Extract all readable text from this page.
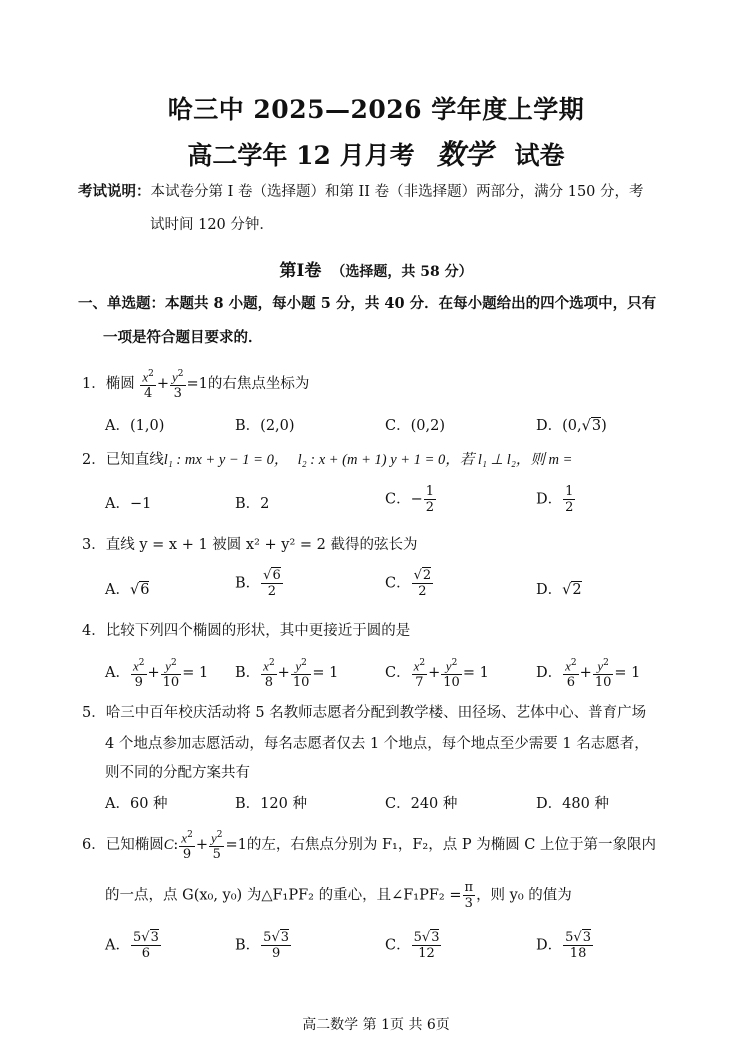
哈三中 2025—2026 学年度上学期
高二学年 12 月月考 数学 试卷
考试说明：本试卷分第 I 卷（选择题）和第 II 卷（非选择题）两部分，满分 150 分，考
试时间 120 分钟．
第I卷 （选择题，共 58 分）
一、单选题：本题共 8 小题，每小题 5 分，共 40 分．在每小题给出的四个选项中，只有
一项是符合题目要求的．
1．椭圆 $\frac{x^2}{4} + \frac{y^2}{3} =1$的右焦点坐标为
A．(1,0)	B．(2,0)	C．(0,2)	D．(0,√3)
2．已知直线l₁ : mx + y − 1 = 0， l₂ : x + (m + 1) y + 1 = 0，若 l₁ ⊥ l₂，则 m =
A．−1	B．2	C．− $\frac{1}{2}$	D． $\frac{1}{2}$
3．直线 y = x + 1 被圆 x² + y² = 2 截得的弦长为
A．√6	B． $\frac{√6}{2}$	C． $\frac{√2}{2}$	D．√2
4．比较下列四个椭圆的形状，其中更接近于圆的是
A． $\frac{x^2}{9} + \frac{y^2}{10} = 1$ B． $\frac{x^2}{8} + \frac{y^2}{10} = 1$	C． $\frac{x^2}{7} + \frac{y^2}{10} = 1$	D． $\frac{x^2}{6} + \frac{y^2}{10} = 1$
5．哈三中百年校庆活动将 5 名教师志愿者分配到教学楼、田径场、艺体中心、普育广场
4 个地点参加志愿活动，每名志愿者仅去 1 个地点，每个地点至少需要 1 名志愿者，
则不同的分配方案共有
A．60 种	B．120 种	C．240 种	D．480 种
6．已知椭圆C: $\frac{x^2}{9} + \frac{y^2}{5} =1$的左，右焦点分别为 F₁，F₂，点 P 为椭圆 C 上位于第一象限内
的一点，点 G(x₀, y₀) 为△F₁PF₂ 的重心，且∠F₁PF₂ = $\frac{\pi}{3}$ ，则 y₀ 的值为
A． $\frac{5√3}{6}$	B． $\frac{5√3}{9}$	C． $\frac{5√3}{12}$	D． $\frac{5√3}{18}$
高二数学 第 1页 共 6页
